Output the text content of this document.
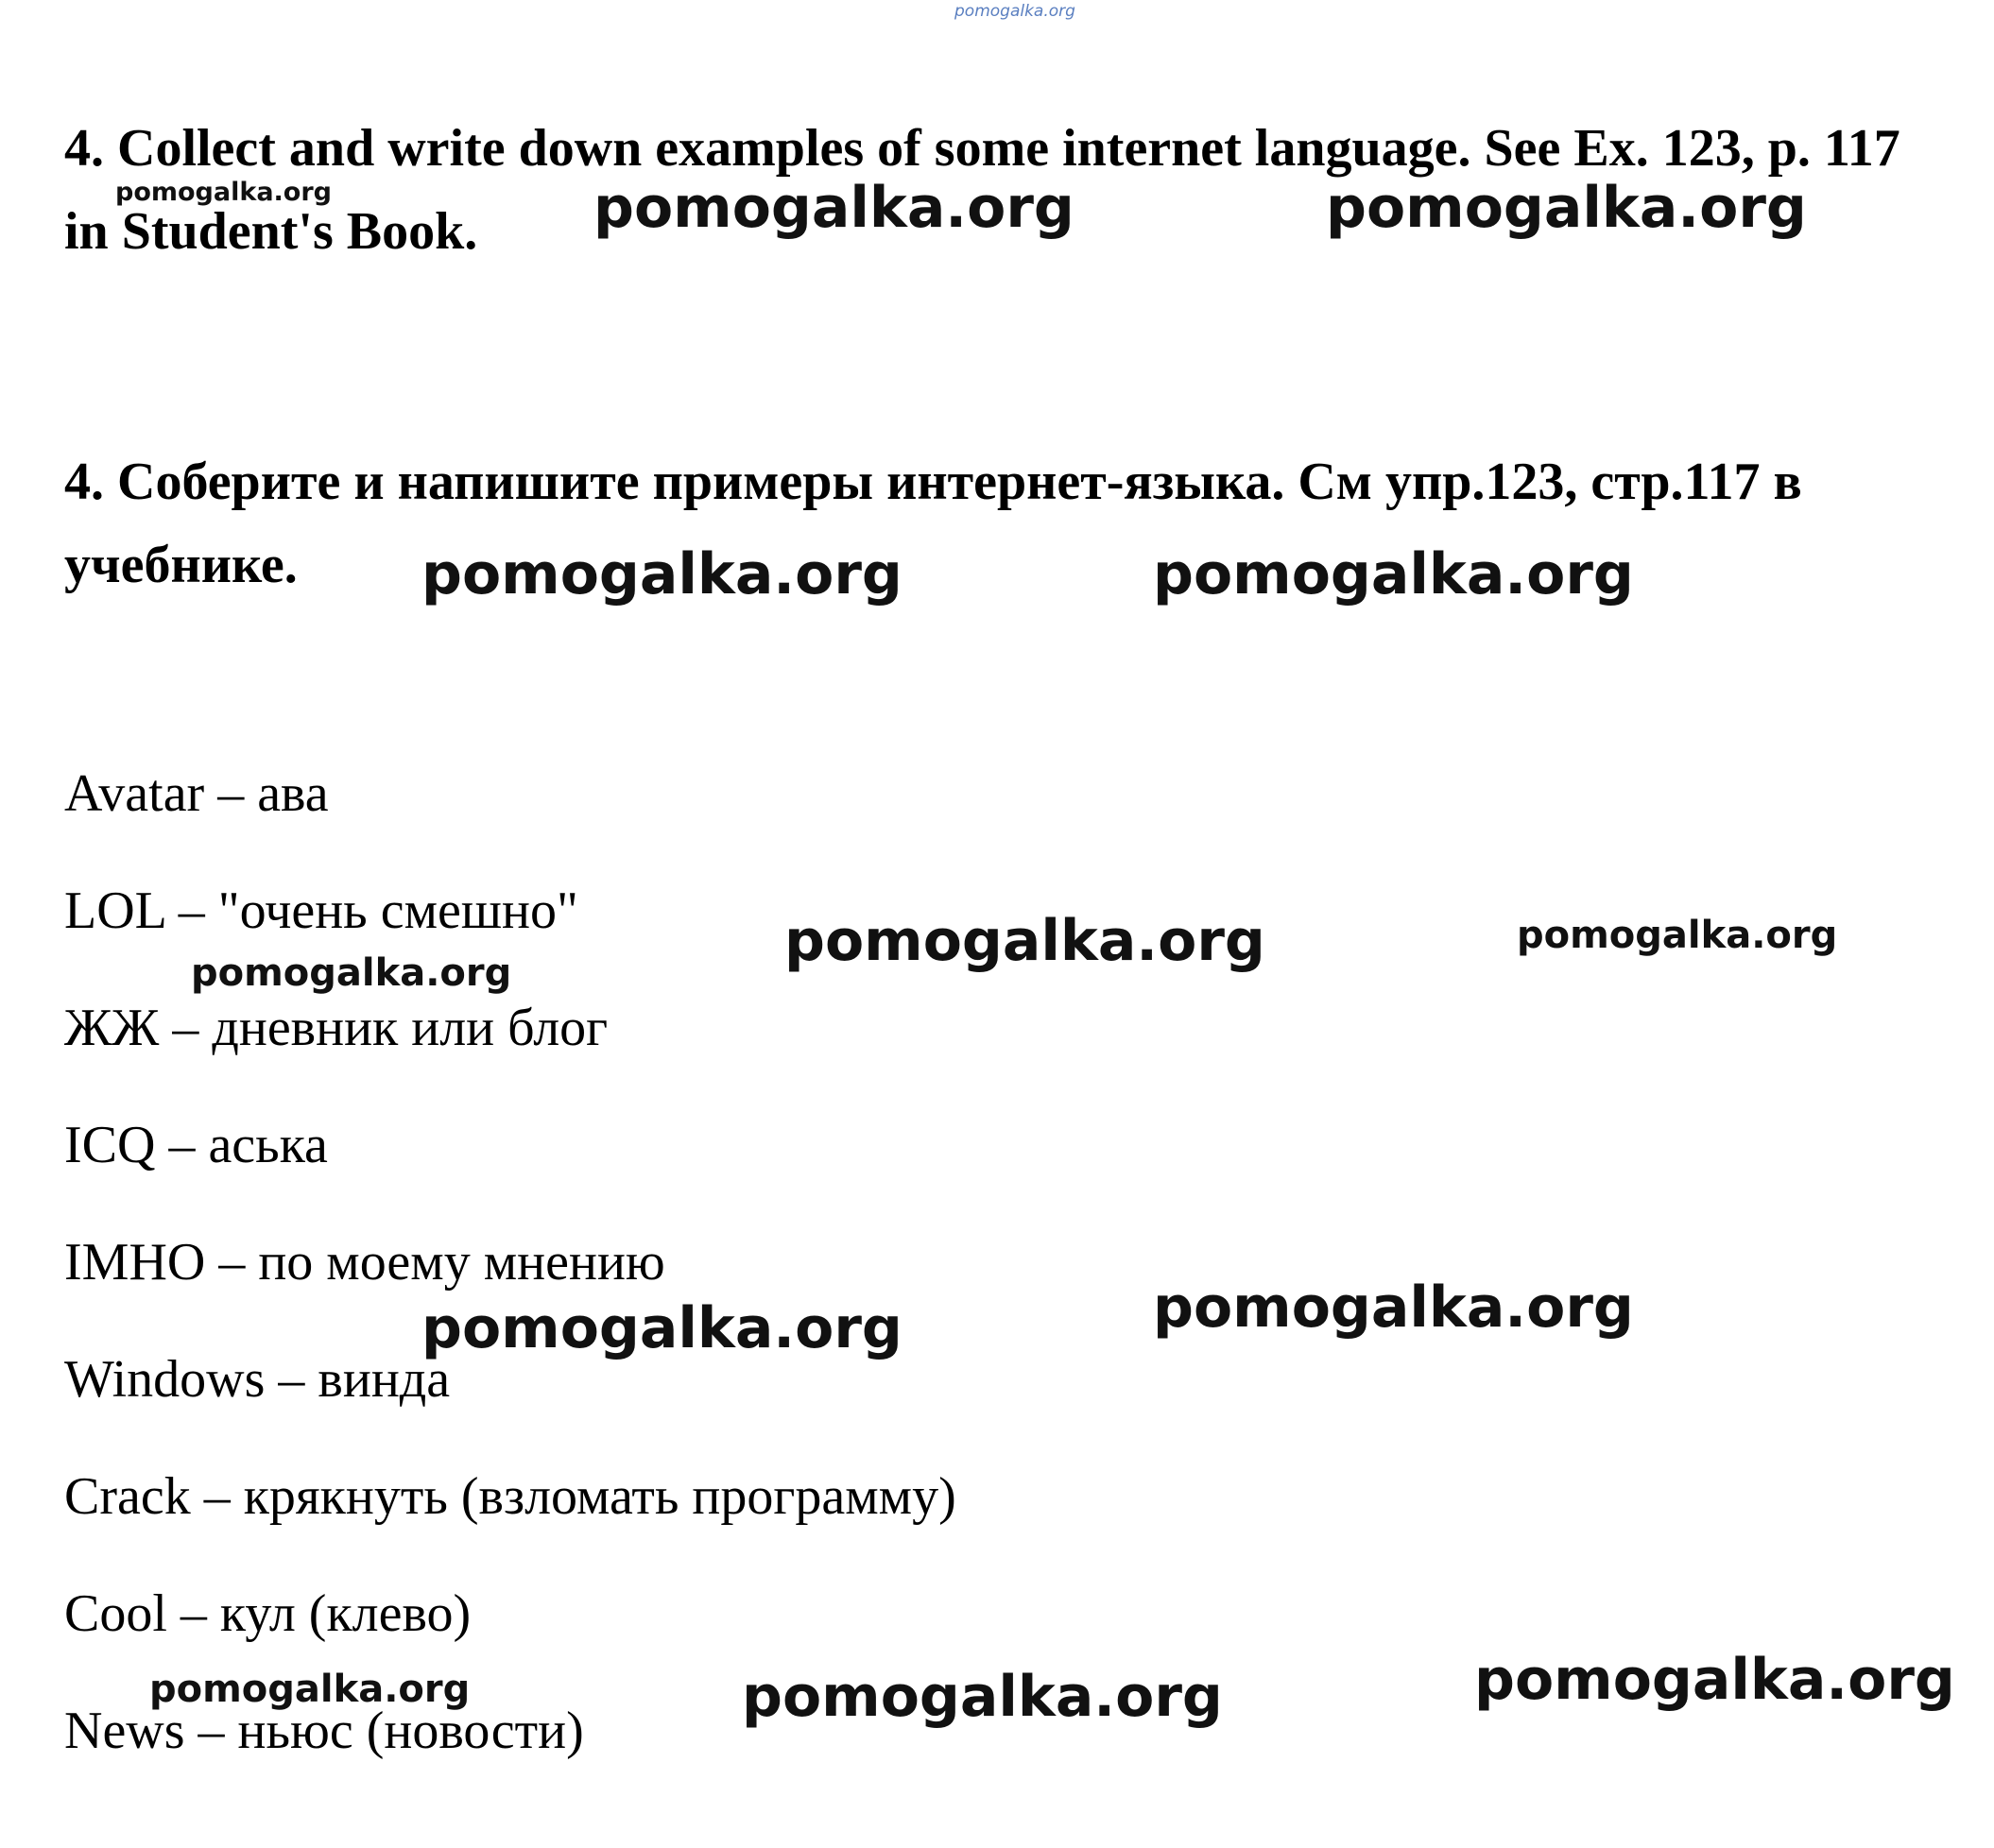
pomogalka.org

4. Collect and write down examples of some internet language. See Ex. 123, p. 117 in Student's Book.

4. Соберите и напишите примеры интернет-языка. См упр.123, стр.117 в учебнике.

Avatar – ава
LOL – "очень смешно"
ЖЖ – дневник или блог
ICQ – аська
IMHO – по моему мнению
Windows – винда
Crack – крякнуть (взломать программу)
Cool – кул (клево)
News – ньюс (новости)
pomogalka.org	pomogalka.org	pomogalka.org
pomogalka.org	pomogalka.org
pomogalka.org	pomogalka.org	pomogalka.org
pomogalka.org	pomogalka.org
pomogalka.org	pomogalka.org	pomogalka.org
